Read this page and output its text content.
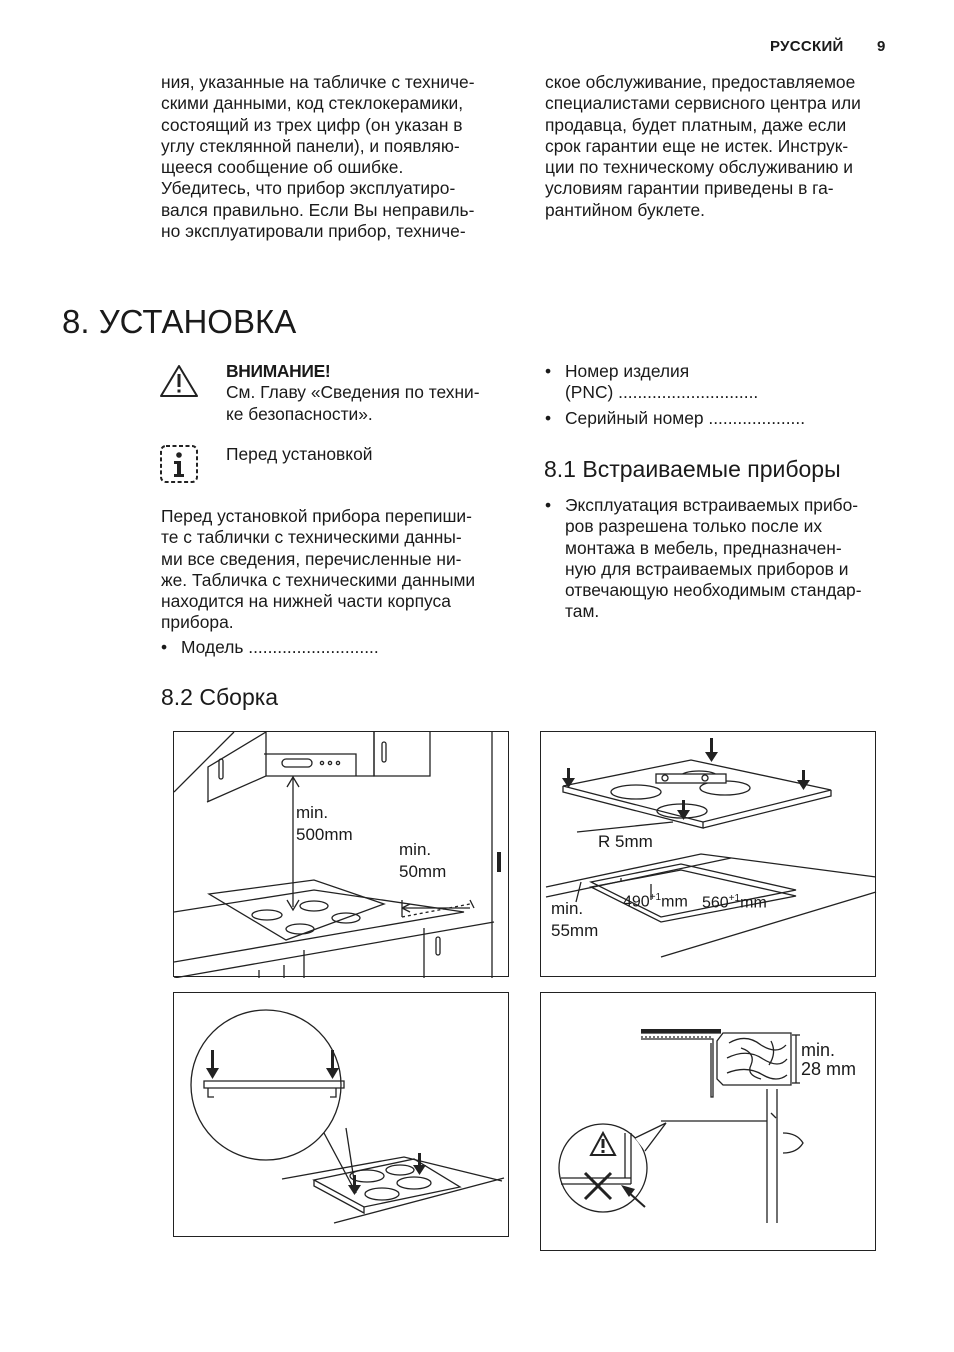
РУССКИЙ 9
ния, указанные на табличке с техниче-
скими данными, код стеклокерамики,
состоящий из трех цифр (он указан в
углу стеклянной панели), и появляю-
щееся сообщение об ошибке.
Убедитесь, что прибор эксплуатиро-
вался правильно. Если Вы неправиль-
но эксплуатировали прибор, техниче-
ское обслуживание, предоставляемое
специалистами сервисного центра или
продавца, будет платным, даже если
срок гарантии еще не истек. Инструк-
ции по техническому обслуживанию и
условиям гарантии приведены в га-
рантийном буклете.
8. УСТАНОВКА
ВНИМАНИЕ!
См. Главу «Сведения по техни-
ке безопасности».
Перед установкой
Перед установкой прибора перепиши-
те с таблички с техническими данны-
ми все сведения, перечисленные ни-
же. Табличка с техническими данными
находится на нижней части корпуса
прибора.
• Модель ...........................
• Номер изделия
(PNC) .............................
• Серийный номер ....................
8.1 Встраиваемые приборы
• Эксплуатация встраиваемых прибо-
ров разрешена только после их
монтажа в мебель, предназначен-
ную для встраиваемых приборов и
отвечающую необходимым стандар-
там.
8.2 Сборка
min.
500mm
min.
50mm
R 5mm
min.
55mm
$490^{+1}mm$ $560^{+1}mm$
min.
28 mm
